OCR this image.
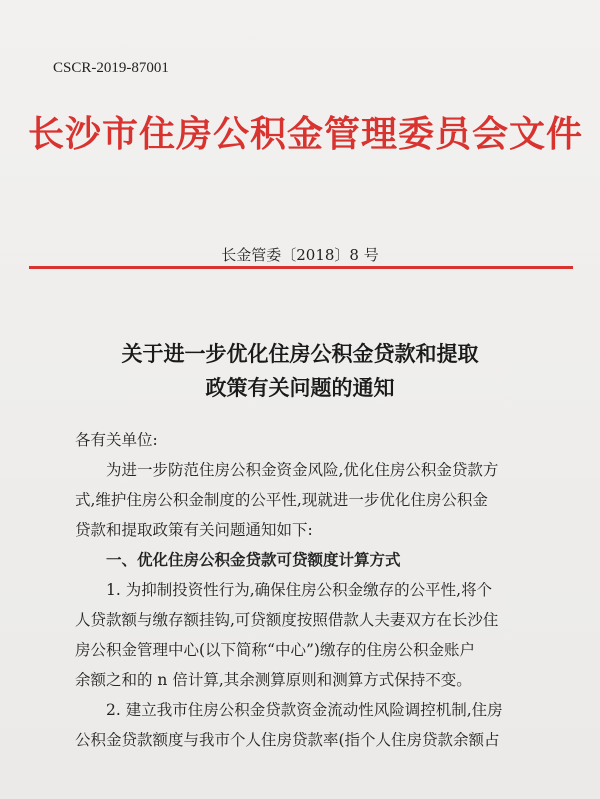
CSCR-2019-87001
长沙市住房公积金管理委员会文件
长金管委〔2018〕8 号
关于进一步优化住房公积金贷款和提取
政策有关问题的通知
各有关单位:
为进一步防范住房公积金资金风险,优化住房公积金贷款方
式,维护住房公积金制度的公平性,现就进一步优化住房公积金
贷款和提取政策有关问题通知如下:
一、优化住房公积金贷款可贷额度计算方式
1. 为抑制投资性行为,确保住房公积金缴存的公平性,将个
人贷款额与缴存额挂钩,可贷额度按照借款人夫妻双方在长沙住
房公积金管理中心(以下简称“中心”)缴存的住房公积金账户
余额之和的 n 倍计算,其余测算原则和测算方式保持不变。
2. 建立我市住房公积金贷款资金流动性风险调控机制,住房
公积金贷款额度与我市个人住房贷款率(指个人住房贷款余额占
